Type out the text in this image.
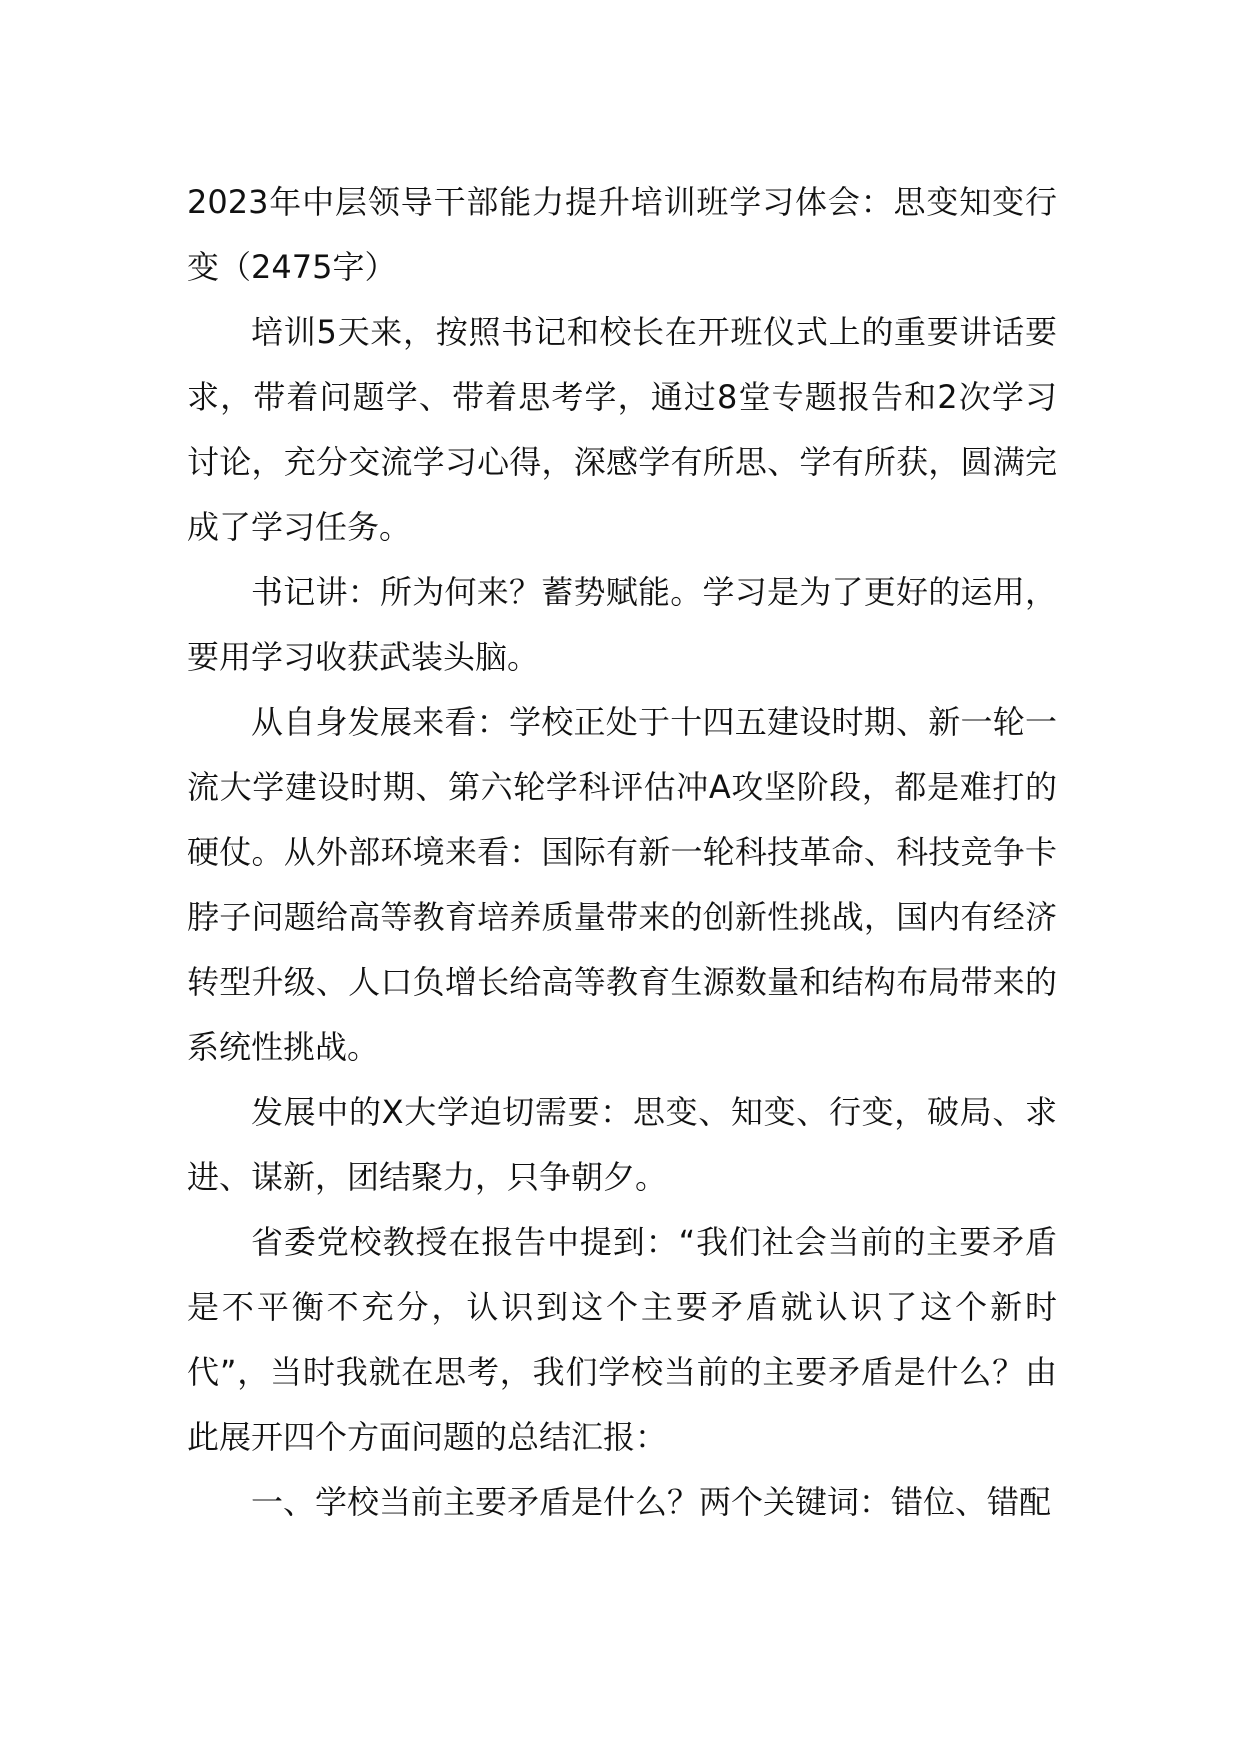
2023年中层领导干部能力提升培训班学习体会：思变知变行变（2475字）

培训5天来，按照书记和校长在开班仪式上的重要讲话要求，带着问题学、带着思考学，通过8堂专题报告和2次学习讨论，充分交流学习心得，深感学有所思、学有所获，圆满完成了学习任务。

书记讲：所为何来？蓄势赋能。学习是为了更好的运用，要用学习收获武装头脑。

从自身发展来看：学校正处于十四五建设时期、新一轮一流大学建设时期、第六轮学科评估冲A攻坚阶段，都是难打的硬仗。从外部环境来看：国际有新一轮科技革命、科技竞争卡脖子问题给高等教育培养质量带来的创新性挑战，国内有经济转型升级、人口负增长给高等教育生源数量和结构布局带来的系统性挑战。

发展中的X大学迫切需要：思变、知变、行变，破局、求进、谋新，团结聚力，只争朝夕。

省委党校教授在报告中提到：“我们社会当前的主要矛盾是不平衡不充分，认识到这个主要矛盾就认识了这个新时代”，当时我就在思考，我们学校当前的主要矛盾是什么？由此展开四个方面问题的总结汇报：

一、学校当前主要矛盾是什么？两个关键词：错位、错配
